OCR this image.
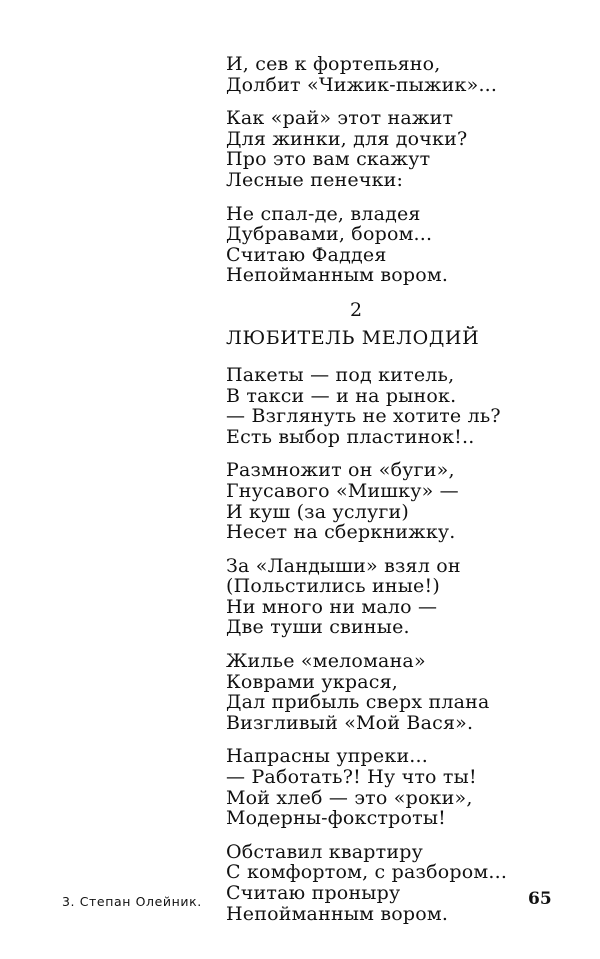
И, сев к фортепьяно,
Долбит «Чижик-пыжик»...
Как «рай» этот нажит
Для жинки, для дочки?
Про это вам скажут
Лесные пенечки:
Не спал-де, владея
Дубравами, бором...
Считаю Фаддея
Непойманным вором.
2
ЛЮБИТЕЛЬ МЕЛОДИЙ
Пакеты — под китель,
В такси — и на рынок.
— Взглянуть не хотите ль?
Есть выбор пластинок!..
Размножит он «буги»,
Гнусавого «Мишку» —
И куш (за услуги)
Несет на сберкнижку.
За «Ландыши» взял он
(Польстились иные!)
Ни много ни мало —
Две туши свиные.
Жилье «меломана»
Коврами украся,
Дал прибыль сверх плана
Визгливый «Мой Вася».
Напрасны упреки...
— Работать?! Ну что ты!
Мой хлеб — это «роки»,
Модерны-фокстроты!
Обставил квартиру
С комфортом, с разбором...
Считаю проныру
Непойманным вором.
3. Степан Олейник.	65
